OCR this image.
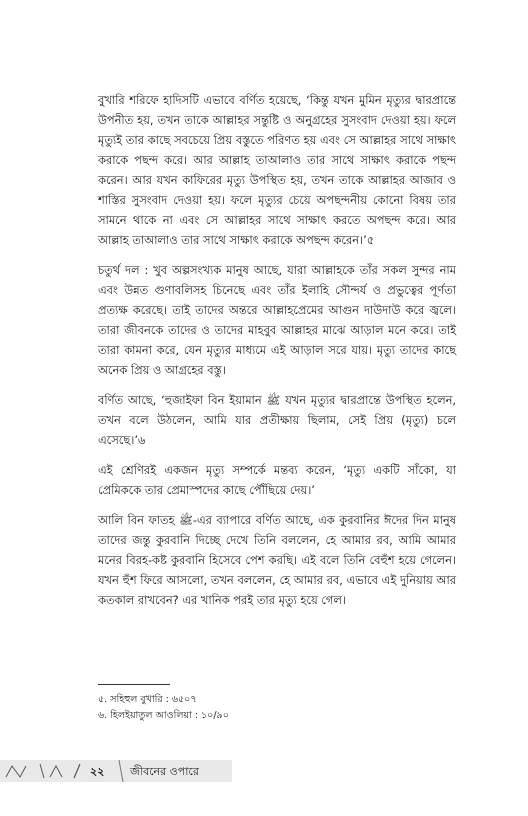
বুখারি শরিফে হাদিসটি এভাবে বর্ণিত হয়েছে, ‘কিন্তু যখন মুমিন মৃত্যুর দ্বারপ্রান্তে উপনীত হয়, তখন তাকে আল্লাহর সন্তুষ্টি ও অনুগ্রহের সুসংবাদ দেওয়া হয়। ফলে মৃত্যুই তার কাছে সবচেয়ে প্রিয় বস্তুতে পরিণত হয় এবং সে আল্লাহর সাথে সাক্ষাৎ করাকে পছন্দ করে। আর আল্লাহ তাআলাও তার সাথে সাক্ষাৎ করাকে পছন্দ করেন। আর যখন কাফিরের মৃত্যু উপস্থিত হয়, তখন তাকে আল্লাহর আজাব ও শাস্তির সুসংবাদ দেওয়া হয়। ফলে মৃত্যুর চেয়ে অপছন্দনীয় কোনো বিষয় তার সামনে থাকে না এবং সে আল্লাহর সাথে সাক্ষাৎ করতে অপছন্দ করে। আর আল্লাহ তাআলাও তার সাথে সাক্ষাৎ করাকে অপছন্দ করেন।’৫

চতুর্থ দল : খুব অল্পসংখ্যক মানুষ আছে, যারা আল্লাহকে তাঁর সকল সুন্দর নাম এবং উন্নত গুণাবলিসহ চিনেছে এবং তাঁর ইলাহি সৌন্দর্য ও প্রভুত্বের পূর্ণতা প্রত্যক্ষ করেছে। তাই তাদের অন্তরে আল্লাহপ্রেমের আগুন দাউদাউ করে জ্বলে। তারা জীবনকে তাদের ও তাদের মাহবুব আল্লাহর মাঝে আড়াল মনে করে। তাই তারা কামনা করে, যেন মৃত্যুর মাধ্যমে এই আড়াল সরে যায়। মৃত্যু তাদের কাছে অনেক প্রিয় ও আগ্রহের বস্তু।

বর্ণিত আছে, ‘হুজাইফা বিন ইয়ামান ﷺ যখন মৃত্যুর দ্বারপ্রান্তে উপস্থিত হলেন, তখন বলে উঠলেন, আমি যার প্রতীক্ষায় ছিলাম, সেই প্রিয় (মৃত্যু) চলে এসেছে।’৬

এই শ্রেণিরই একজন মৃত্যু সম্পর্কে মন্তব্য করেন, ‘মৃত্যু একটি সাঁকো, যা প্রেমিককে তার প্রেমাস্পদের কাছে পৌঁছিয়ে দেয়।’

আলি বিন ফাতহ ﷺ-এর ব্যাপারে বর্ণিত আছে, এক কুরবানির ঈদের দিন মানুষ তাদের জন্তু কুরবানি দিচ্ছে দেখে তিনি বললেন, হে আমার রব, আমি আমার মনের বিরহ-কষ্ট কুরবানি হিসেবে পেশ করছি। এই বলে তিনি বেহুঁশ হয়ে গেলেন। যখন হুঁশ ফিরে আসলো, তখন বললেন, হে আমার রব, এভাবে এই দুনিয়ায় আর কতকাল রাখবেন? এর খানিক পরই তার মৃত্যু হয়ে গেল।

৫. সহিহুল বুখারি : ৬৫০৭
৬. হিলইয়াতুল আওলিয়া : ১০/৯০
২২ জীবনের ওপারে
